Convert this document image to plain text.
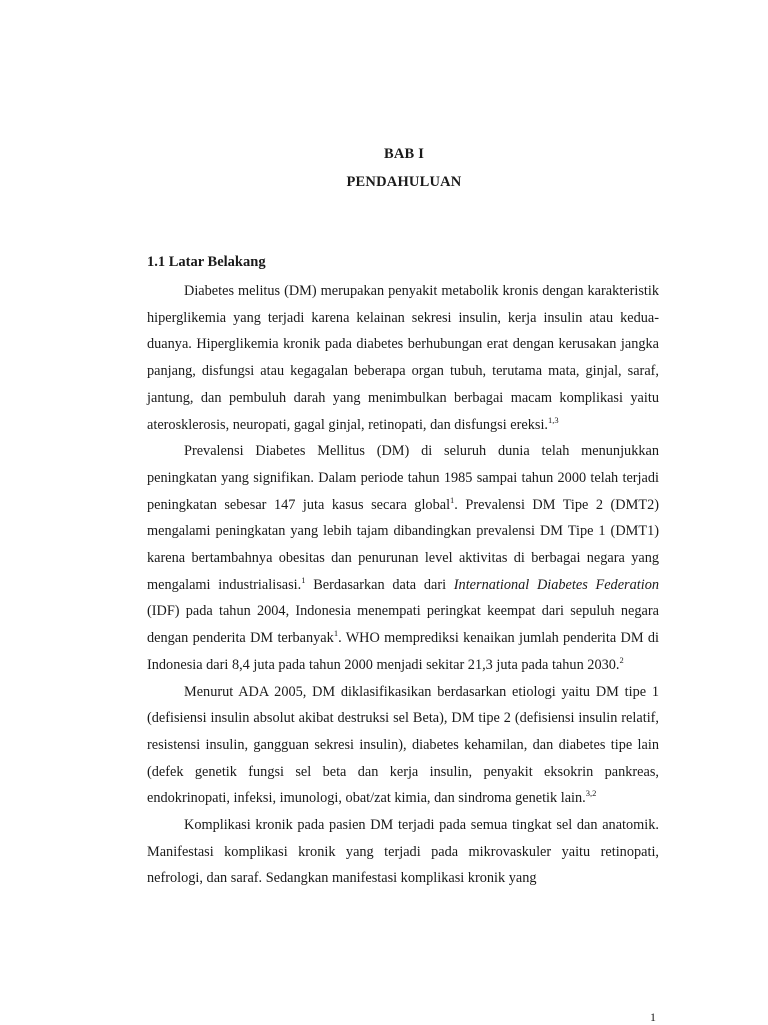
BAB I
PENDAHULUAN
1.1 Latar Belakang

Diabetes melitus (DM) merupakan penyakit metabolik kronis dengan karakteristik hiperglikemia yang terjadi karena kelainan sekresi insulin, kerja insulin atau kedua-duanya. Hiperglikemia kronik pada diabetes berhubungan erat dengan kerusakan jangka panjang, disfungsi atau kegagalan beberapa organ tubuh, terutama mata, ginjal, saraf, jantung, dan pembuluh darah yang menimbulkan berbagai macam komplikasi yaitu aterosklerosis, neuropati, gagal ginjal, retinopati, dan disfungsi ereksi.$^{1,3}$

Prevalensi Diabetes Mellitus (DM) di seluruh dunia telah menunjukkan peningkatan yang signifikan. Dalam periode tahun 1985 sampai tahun 2000 telah terjadi peningkatan sebesar 147 juta kasus secara global$^1$. Prevalensi DM Tipe 2 (DMT2) mengalami peningkatan yang lebih tajam dibandingkan prevalensi DM Tipe 1 (DMT1) karena bertambahnya obesitas dan penurunan level aktivitas di berbagai negara yang mengalami industrialisasi.$^1$ Berdasarkan data dari International Diabetes Federation (IDF) pada tahun 2004, Indonesia menempati peringkat keempat dari sepuluh negara dengan penderita DM terbanyak$^1$. WHO memprediksi kenaikan jumlah penderita DM di Indonesia dari 8,4 juta pada tahun 2000 menjadi sekitar 21,3 juta pada tahun 2030.$^2$

Menurut ADA 2005, DM diklasifikasikan berdasarkan etiologi yaitu DM tipe 1 (defisiensi insulin absolut akibat destruksi sel Beta), DM tipe 2 (defisiensi insulin relatif, resistensi insulin, gangguan sekresi insulin), diabetes kehamilan, dan diabetes tipe lain (defek genetik fungsi sel beta dan kerja insulin, penyakit eksokrin pankreas, endokrinopati, infeksi, imunologi, obat/zat kimia, dan sindroma genetik lain.$^{3,2}$

Komplikasi kronik pada pasien DM terjadi pada semua tingkat sel dan anatomik. Manifestasi komplikasi kronik yang terjadi pada mikrovaskuler yaitu retinopati, nefrologi, dan saraf. Sedangkan manifestasi komplikasi kronik yang

1
